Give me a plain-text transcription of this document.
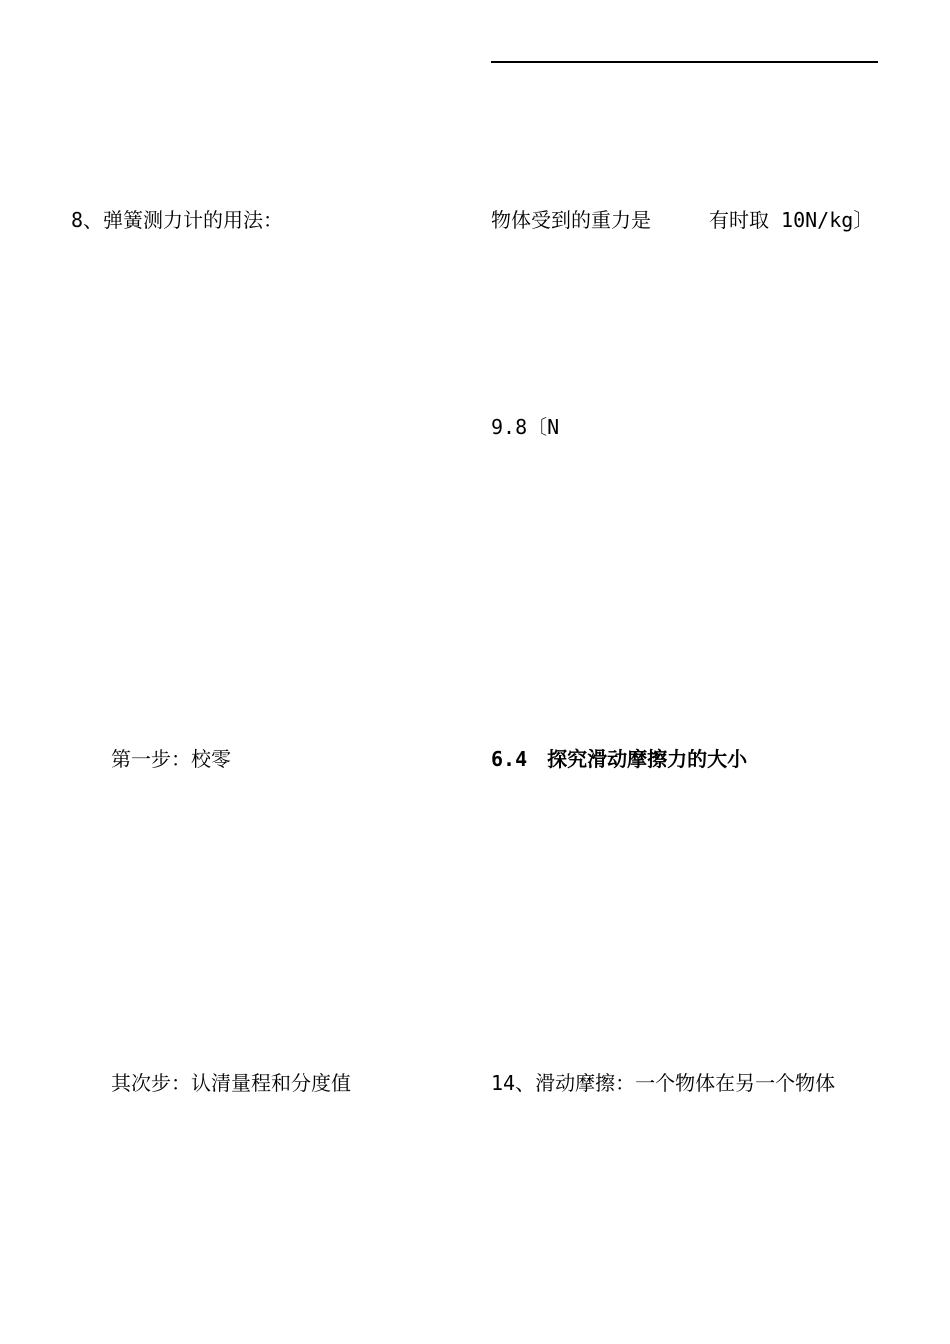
8、弹簧测力计的用法：	物体受到的重力是	有时取 10N/kg〕
9.8〔N
第一步：校零	6.4　探究滑动摩擦力的大小
其次步：认清量程和分度值	14、滑动摩擦：一个物体在另一个物体
